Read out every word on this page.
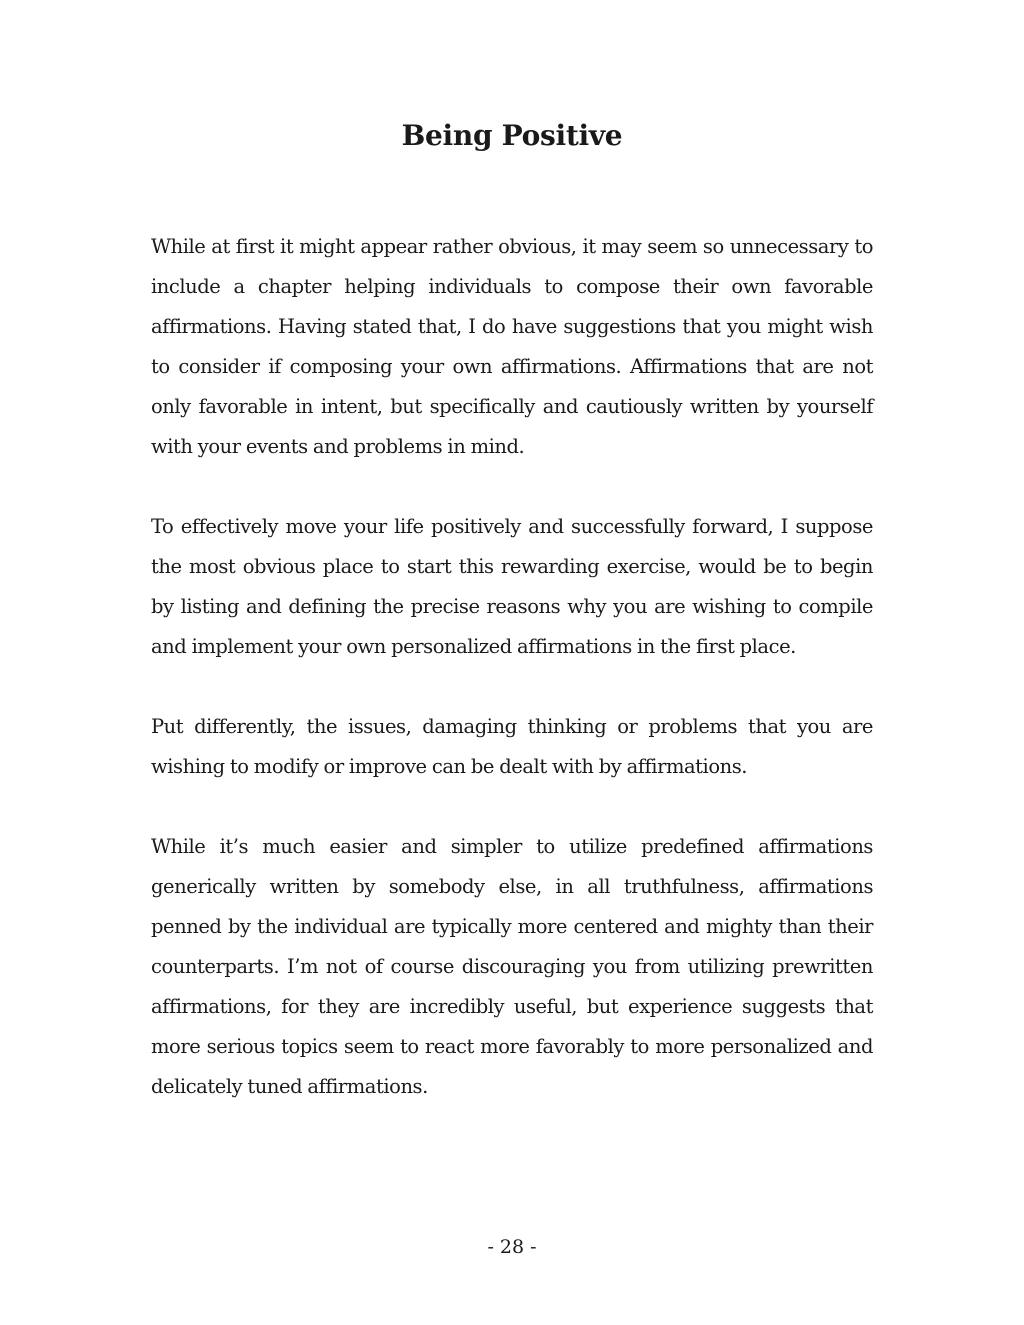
Being Positive

While at first it might appear rather obvious, it may seem so unnecessary to include a chapter helping individuals to compose their own favorable affirmations. Having stated that, I do have suggestions that you might wish to consider if composing your own affirmations. Affirmations that are not only favorable in intent, but specifically and cautiously written by yourself with your events and problems in mind.

To effectively move your life positively and successfully forward, I suppose the most obvious place to start this rewarding exercise, would be to begin by listing and defining the precise reasons why you are wishing to compile and implement your own personalized affirmations in the first place.

Put differently, the issues, damaging thinking or problems that you are wishing to modify or improve can be dealt with by affirmations.

While it’s much easier and simpler to utilize predefined affirmations generically written by somebody else, in all truthfulness, affirmations penned by the individual are typically more centered and mighty than their counterparts. I’m not of course discouraging you from utilizing prewritten affirmations, for they are incredibly useful, but experience suggests that more serious topics seem to react more favorably to more personalized and delicately tuned affirmations.

- 28 -
